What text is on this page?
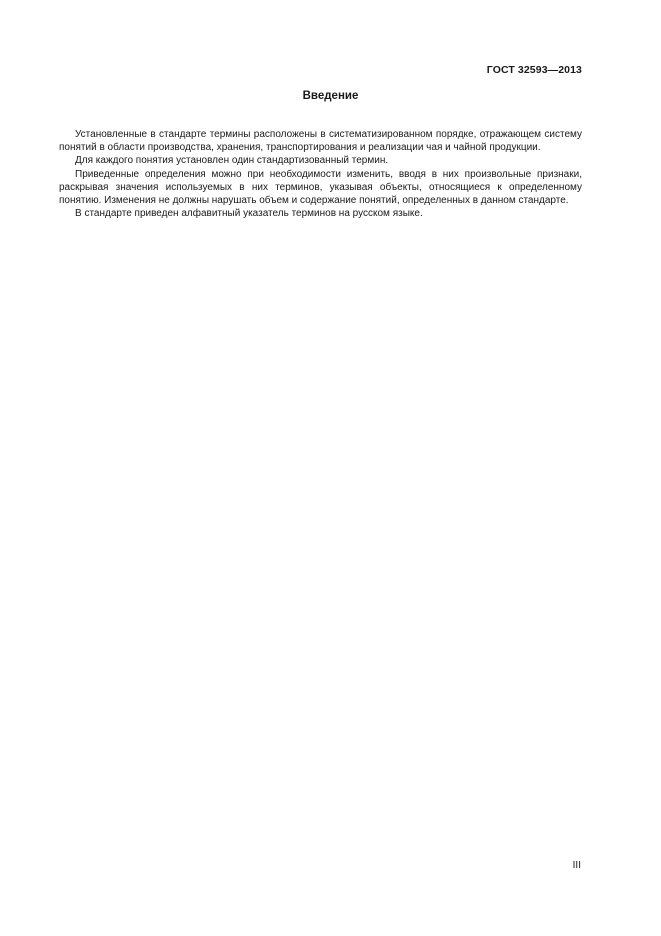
ГОСТ 32593—2013
Введение

Установленные в стандарте термины расположены в систематизированном порядке, отражающем систему понятий в области производства, хранения, транспортирования и реализации чая и чайной продукции.

Для каждого понятия установлен один стандартизованный термин.

Приведенные определения можно при необходимости изменить, вводя в них произвольные признаки, раскрывая значения используемых в них терминов, указывая объекты, относящиеся к определенному понятию. Изменения не должны нарушать объем и содержание понятий, определенных в данном стандарте.

В стандарте приведен алфавитный указатель терминов на русском языке.

III
